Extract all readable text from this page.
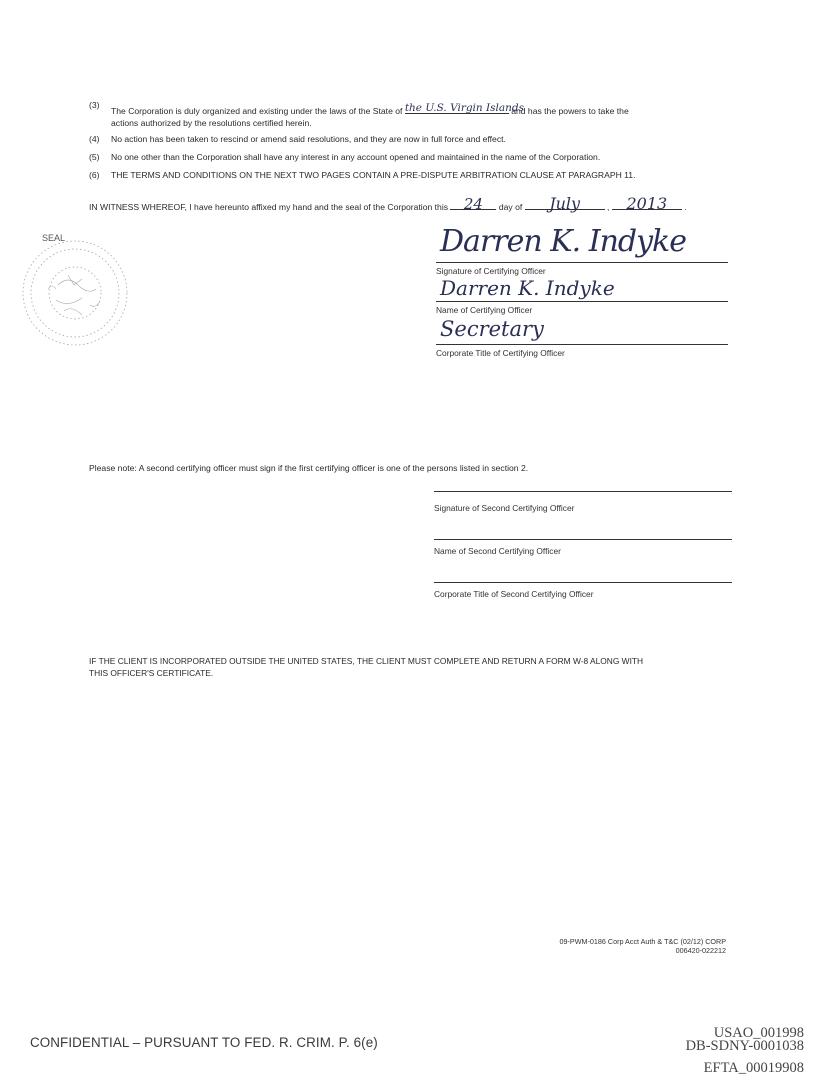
(3)
The Corporation is duly organized and existing under the laws of the State of the U.S. Virgin Islands
and has the powers to take the
actions authorized by the resolutions certified herein.
(4) No action has been taken to rescind or amend said resolutions, and they are now in full force and effect.
(5) No one other than the Corporation shall have any interest in any account opened and maintained in the name of the Corporation.
(6) THE TERMS AND CONDITIONS ON THE NEXT TWO PAGES CONTAIN A PRE-DISPUTE ARBITRATION CLAUSE AT PARAGRAPH 11.
IN WITNESS WHEREOF, I have hereunto affixed my hand and the seal of the Corporation this	24	day of	July	,	2013	.
SEAL	Darren K. Indyke
Signature of Certifying Officer
Darren K. Indyke
Name of Certifying Officer
Secretary
Corporate Title of Certifying Officer
Please note: A second certifying officer must sign if the first certifying officer is one of the persons listed in section 2.
Signature of Second Certifying Officer
Name of Second Certifying Officer
Corporate Title of Second Certifying Officer
IF THE CLIENT IS INCORPORATED OUTSIDE THE UNITED STATES, THE CLIENT MUST COMPLETE AND RETURN A FORM W-8 ALONG WITH
THIS OFFICER'S CERTIFICATE.
09-PWM-0186 Corp Acct Auth & T&C (02/12) CORP
006420-022212
CONFIDENTIAL – PURSUANT TO FED. R. CRIM. P. 6(e)
USAO_001998
DB-SDNY-0001038
EFTA_00019908
